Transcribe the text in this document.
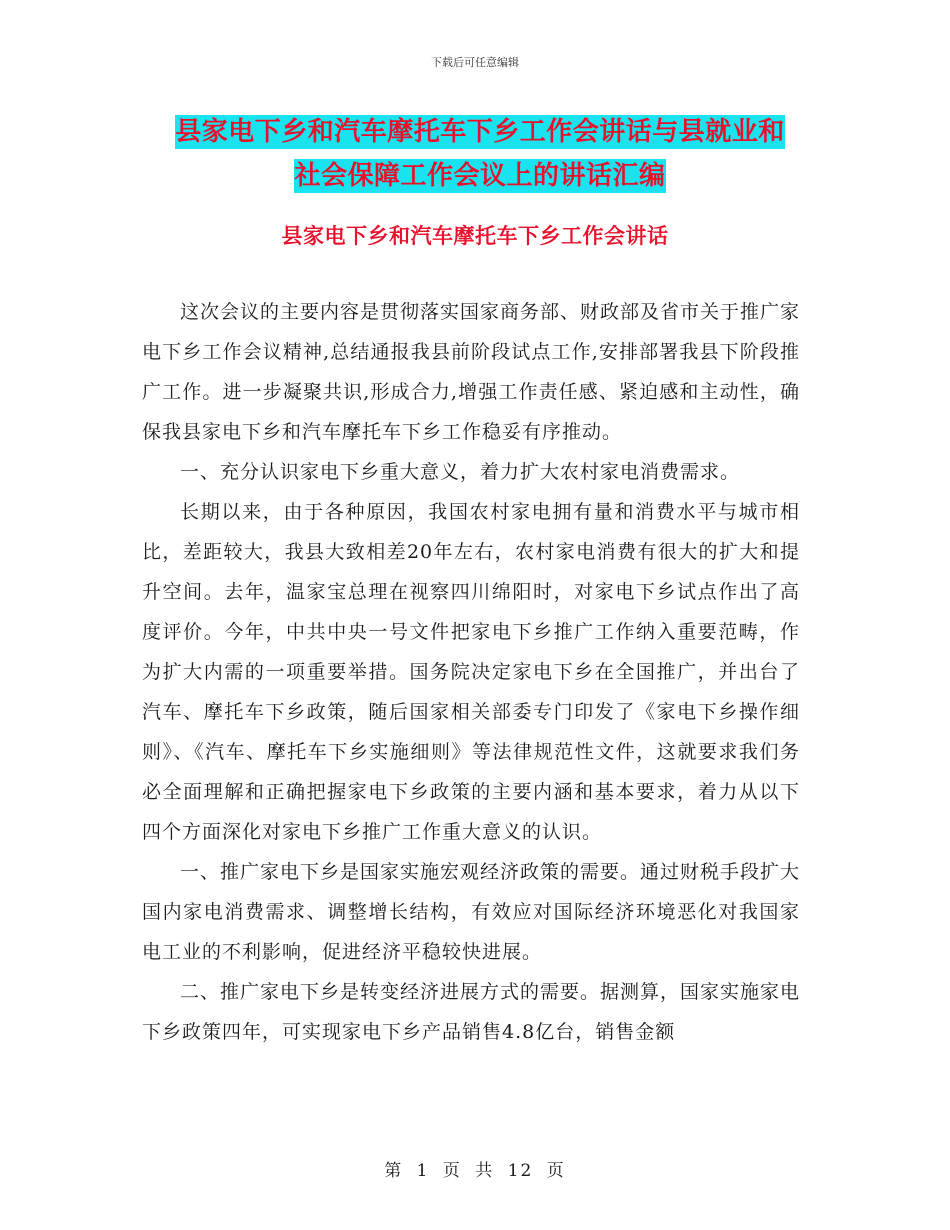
下载后可任意编辑
县家电下乡和汽车摩托车下乡工作会讲话与县就业和
社会保障工作会议上的讲话汇编
县家电下乡和汽车摩托车下乡工作会讲话

这次会议的主要内容是贯彻落实国家商务部、财政部及省市关于推广家电下乡工作会议精神,总结通报我县前阶段试点工作,安排部署我县下阶段推广工作。进一步凝聚共识,形成合力,增强工作责任感、紧迫感和主动性，确保我县家电下乡和汽车摩托车下乡工作稳妥有序推动。

一、充分认识家电下乡重大意义，着力扩大农村家电消费需求。

长期以来，由于各种原因，我国农村家电拥有量和消费水平与城市相比，差距较大，我县大致相差20年左右，农村家电消费有很大的扩大和提升空间。去年，温家宝总理在视察四川绵阳时，对家电下乡试点作出了高度评价。今年，中共中央一号文件把家电下乡推广工作纳入重要范畴，作为扩大内需的一项重要举措。国务院决定家电下乡在全国推广，并出台了汽车、摩托车下乡政策，随后国家相关部委专门印发了《家电下乡操作细则》、《汽车、摩托车下乡实施细则》等法律规范性文件，这就要求我们务必全面理解和正确把握家电下乡政策的主要内涵和基本要求，着力从以下四个方面深化对家电下乡推广工作重大意义的认识。

一、推广家电下乡是国家实施宏观经济政策的需要。通过财税手段扩大国内家电消费需求、调整增长结构，有效应对国际经济环境恶化对我国家电工业的不利影响，促进经济平稳较快进展。

二、推广家电下乡是转变经济进展方式的需要。据测算，国家实施家电下乡政策四年，可实现家电下乡产品销售4.8亿台，销售金额

第 1 页 共 12 页
